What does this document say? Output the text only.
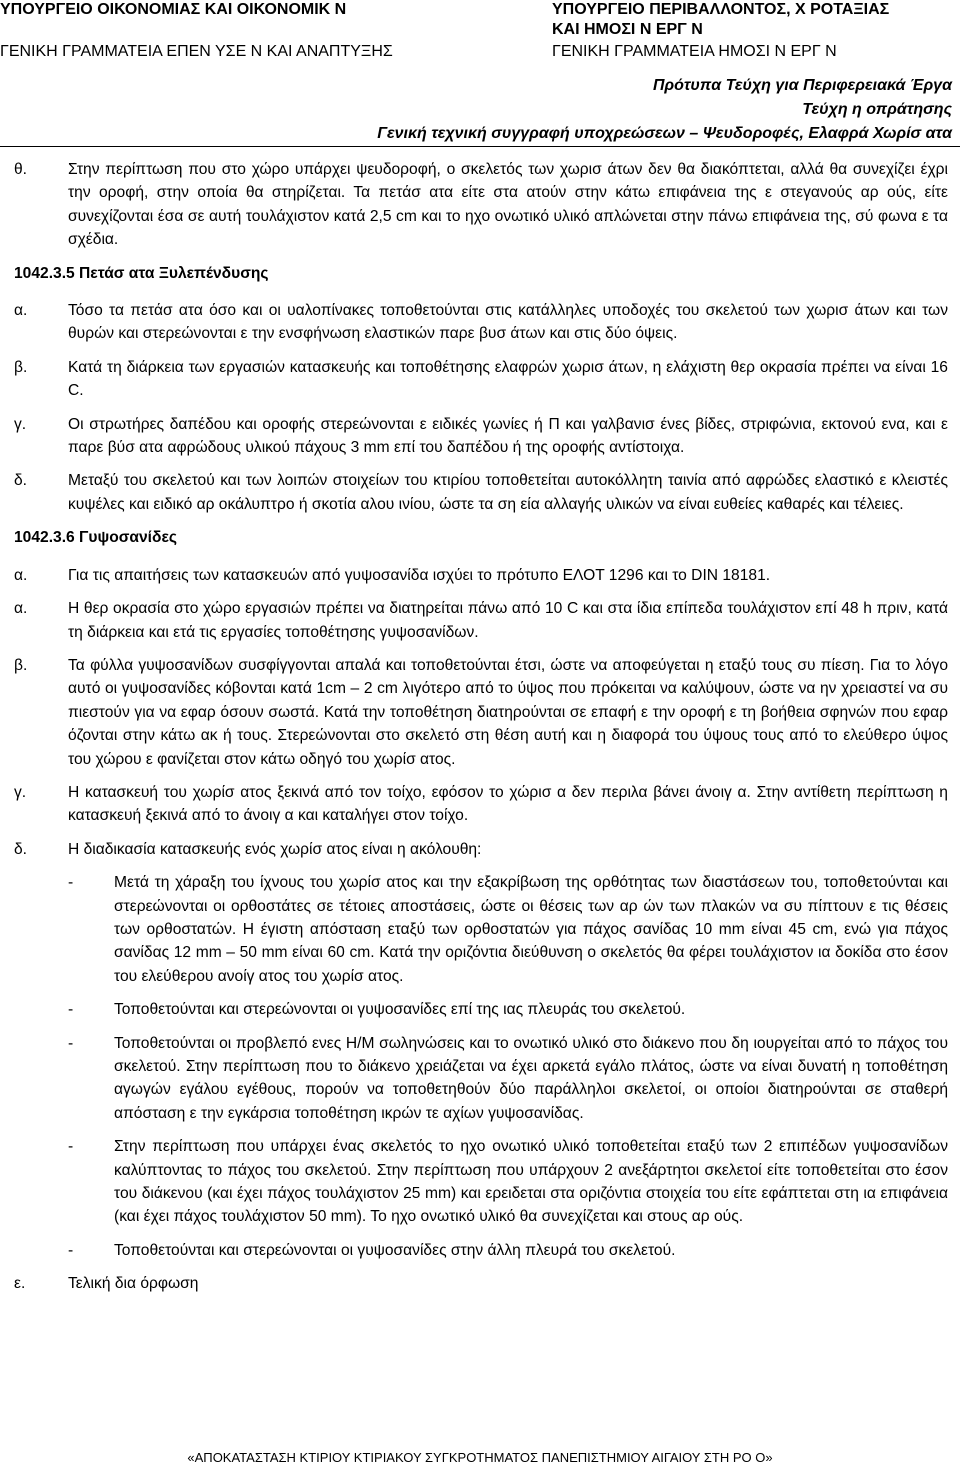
ΥΠΟΥΡΓΕΙΟ ΟΙΚΟΝΟΜΙΑΣ ΚΑΙ ΟΙΚΟΝΟΜΙΚ Ν	ΥΠΟΥΡΓΕΙΟ ΠΕΡΙΒΑΛΛΟΝΤΟΣ, Χ ΡΟΤΑΞΙΑΣ
ΚΑΙ ΗΜΟΣΙ Ν ΕΡΓ Ν
ΓΕΝΙΚΗ ΓΡΑΜΜΑΤΕΙΑ ΕΠΕΝ ΥΣΕ Ν ΚΑΙ ΑΝΑΠΤΥΞΗΣ	ΓΕΝΙΚΗ ΓΡΑΜΜΑΤΕΙΑ ΗΜΟΣΙ Ν ΕΡΓ Ν
Πρότυπα Τεύχη για Περιφερειακά Έργα
Τεύχη η οπράτησης
Γενική τεχνική συγγραφή υποχρεώσεων – Ψευδοροφές, Ελαφρά Χωρίσ ατα
θ.	Στην περίπτωση που στο χώρο υπάρχει ψευδοροφή, ο σκελετός των χωρισ άτων δεν θα διακόπτεται, αλλά θα συνεχίζει έχρι την οροφή, στην οποία θα στηρίζεται. Τα πετάσ ατα είτε στα ατούν στην κάτω επιφάνεια της ε στεγανούς αρ ούς, είτε συνεχίζονται έσα σε αυτή τουλάχιστον κατά 2,5 cm και το ηχο ονωτικό υλικό απλώνεται στην πάνω επιφάνεια της, σύ φωνα ε τα σχέδια.
1042.3.5 Πετάσ ατα Ξυλεπένδυσης
α.	Τόσο τα πετάσ ατα όσο και οι υαλοπίνακες τοποθετούνται στις κατάλληλες υποδοχές του σκελετού των χωρισ άτων και των θυρών και στερεώνονται ε την ενσφήνωση ελαστικών παρε βυσ άτων και στις δύο όψεις.
β.	Κατά τη διάρκεια των εργασιών κατασκευής και τοποθέτησης ελαφρών χωρισ άτων, η ελάχιστη θερ οκρασία πρέπει να είναι 16 C.
γ.	Οι στρωτήρες δαπέδου και οροφής στερεώνονται ε ειδικές γωνίες ή Π και γαλβανισ ένες βίδες, στριφώνια, εκτονού ενα, και ε παρε βύσ ατα αφρώδους υλικού πάχους 3 mm επί του δαπέδου ή της οροφής αντίστοιχα.
δ.	Μεταξύ του σκελετού και των λοιπών στοιχείων του κτιρίου τοποθετείται αυτοκόλλητη ταινία από αφρώδες ελαστικό ε κλειστές κυψέλες και ειδικό αρ οκάλυπτρο ή σκοτία αλου ινίου, ώστε τα ση εία αλλαγής υλικών να είναι ευθείες καθαρές και τέλειες.
1042.3.6 Γυψοσανίδες
α.	Για τις απαιτήσεις των κατασκευών από γυψοσανίδα ισχύει το πρότυπο ΕΛΟΤ 1296 και το DIN 18181.
α.	Η θερ οκρασία στο χώρο εργασιών πρέπει να διατηρείται πάνω από 10 C και στα ίδια επίπεδα τουλάχιστον επί 48 h πριν, κατά τη διάρκεια και ετά τις εργασίες τοποθέτησης γυψοσανίδων.
β.	Τα φύλλα γυψοσανίδων συσφίγγονται απαλά και τοποθετούνται έτσι, ώστε να αποφεύγεται η εταξύ τους συ πίεση. Για το λόγο αυτό οι γυψοσανίδες κόβονται κατά 1cm – 2 cm λιγότερο από το ύψος που πρόκειται να καλύψουν, ώστε να ην χρειαστεί να συ πιεστούν για να εφαρ όσουν σωστά. Κατά την τοποθέτηση διατηρούνται σε επαφή ε την οροφή ε τη βοήθεια σφηνών που εφαρ όζονται στην κάτω ακ ή τους. Στερεώνονται στο σκελετό στη θέση αυτή και η διαφορά του ύψους τους από το ελεύθερο ύψος του χώρου ε φανίζεται στον κάτω οδηγό του χωρίσ ατος.
γ.	Η κατασκευή του χωρίσ ατος ξεκινά από τον τοίχο, εφόσον το χώρισ α δεν περιλα βάνει άνοιγ α. Στην αντίθετη περίπτωση η κατασκευή ξεκινά από το άνοιγ α και καταλήγει στον τοίχο.
δ.	Η διαδικασία κατασκευής ενός χωρίσ ατος είναι η ακόλουθη:
-	Μετά τη χάραξη του ίχνους του χωρίσ ατος και την εξακρίβωση της ορθότητας των διαστάσεων του, τοποθετούνται και στερεώνονται οι ορθοστάτες σε τέτοιες αποστάσεις, ώστε οι θέσεις των αρ ών των πλακών να συ πίπτουν ε τις θέσεις των ορθοστατών. Η έγιστη απόσταση εταξύ των ορθοστατών για πάχος σανίδας 10 mm είναι 45 cm, ενώ για πάχος σανίδας 12 mm – 50 mm είναι 60 cm. Κατά την οριζόντια διεύθυνση ο σκελετός θα φέρει τουλάχιστον ια δοκίδα στο έσον του ελεύθερου ανοίγ ατος του χωρίσ ατος.
-	Τοποθετούνται και στερεώνονται οι γυψοσανίδες επί της ιας πλευράς του σκελετού.
-	Τοποθετούνται οι προβλεπό ενες Η/Μ σωληνώσεις και το ονωτικό υλικό στο διάκενο που δη ιουργείται από το πάχος του σκελετού. Στην περίπτωση που το διάκενο χρειάζεται να έχει αρκετά εγάλο πλάτος, ώστε να είναι δυνατή η τοποθέτηση αγωγών εγάλου εγέθους, πορούν να τοποθετηθούν δύο παράλληλοι σκελετοί, οι οποίοι διατηρούνται σε σταθερή απόσταση ε την εγκάρσια τοποθέτηση ικρών τε αχίων γυψοσανίδας.
-	Στην περίπτωση που υπάρχει ένας σκελετός το ηχο ονωτικό υλικό τοποθετείται εταξύ των 2 επιπέδων γυψοσανίδων καλύπτοντας το πάχος του σκελετού. Στην περίπτωση που υπάρχουν 2 ανεξάρτητοι σκελετοί είτε τοποθετείται στο έσον του διάκενου (και έχει πάχος τουλάχιστον 25 mm) και ερειδεται στα οριζόντια στοιχεία του είτε εφάπτεται στη ια επιφάνεια (και έχει πάχος τουλάχιστον 50 mm). Το ηχο ονωτικό υλικό θα συνεχίζεται και στους αρ ούς.
-	Τοποθετούνται και στερεώνονται οι γυψοσανίδες στην άλλη πλευρά του σκελετού.
ε.	Τελική δια όρφωση
«ΑΠΟΚΑΤΑΣΤΑΣΗ ΚΤΙΡΙΟΥ ΚΤΙΡΙΑΚΟΥ ΣΥΓΚΡΟΤΗΜΑΤΟΣ ΠΑΝΕΠΙΣΤΗΜΙΟΥ ΑΙΓΑΙΟΥ ΣΤΗ ΡΟ Ο»
